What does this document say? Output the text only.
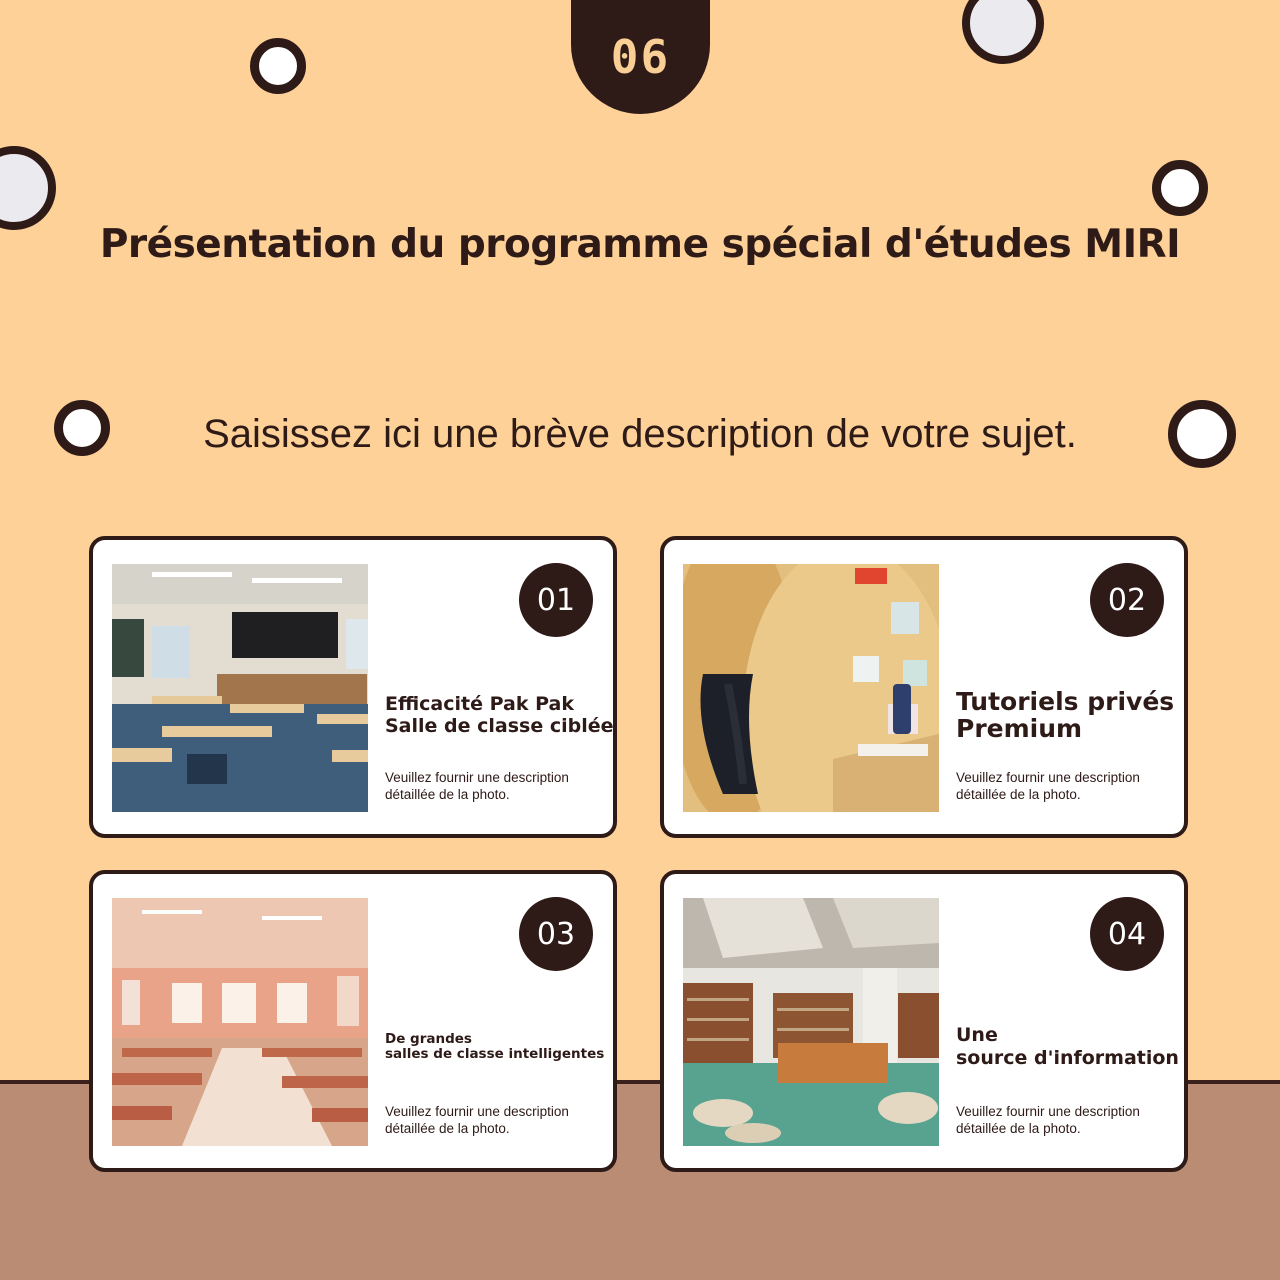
06
Présentation du programme spécial d'études MIRI
Saisissez ici une brève description de votre sujet.
01
Efficacité Pak Pak
Salle de classe ciblée
Veuillez fournir une description
détaillée de la photo.
02
Tutoriels privés
Premium
Veuillez fournir une description
détaillée de la photo.
03
De grandes
salles de classe intelligentes
Veuillez fournir une description
détaillée de la photo.
04
Une
source d'information
Veuillez fournir une description
détaillée de la photo.
